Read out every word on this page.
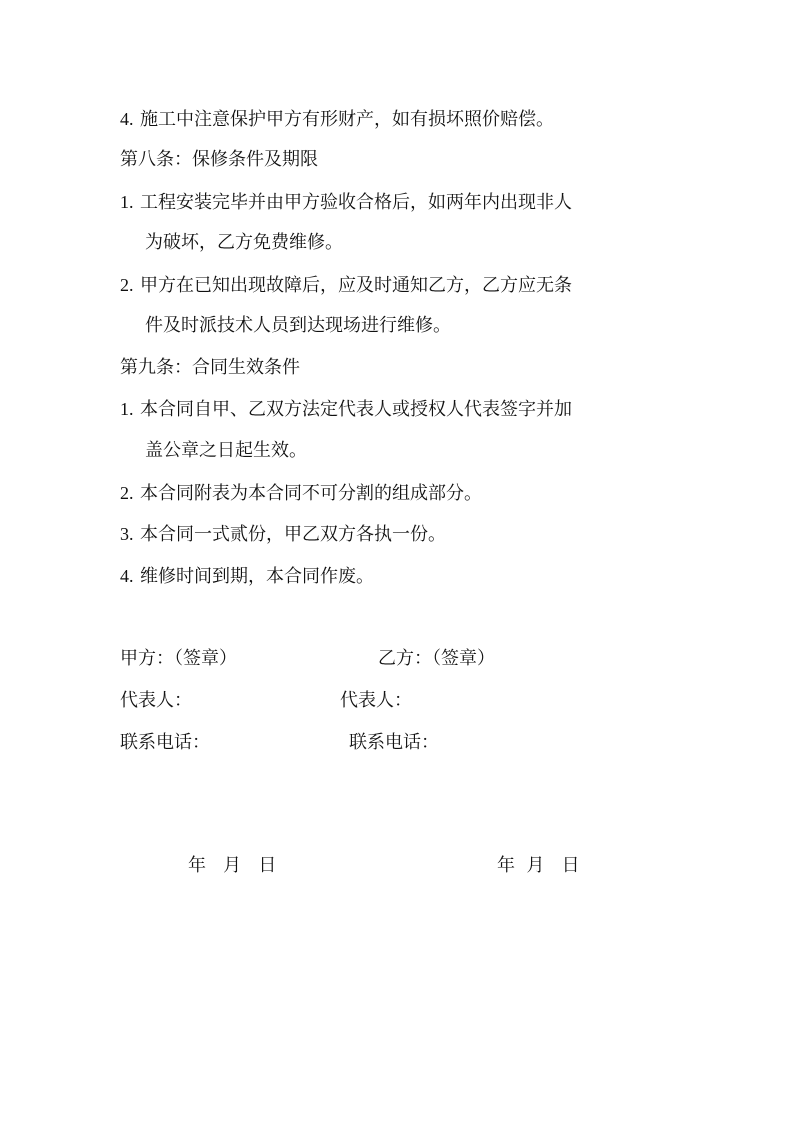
4. 施工中注意保护甲方有形财产，如有损坏照价赔偿。
第八条：保修条件及期限
1. 工程安装完毕并由甲方验收合格后，如两年内出现非人
为破坏，乙方免费维修。
2. 甲方在已知出现故障后，应及时通知乙方，乙方应无条
件及时派技术人员到达现场进行维修。
第九条：合同生效条件
1. 本合同自甲、乙双方法定代表人或授权人代表签字并加
盖公章之日起生效。
2. 本合同附表为本合同不可分割的组成部分。
3. 本合同一式贰份，甲乙双方各执一份。
4. 维修时间到期，本合同作废。
甲方：（签章）	乙方：（签章）
代表人：	代表人：
联系电话：	联系电话：
年   月   日	年  月   日
